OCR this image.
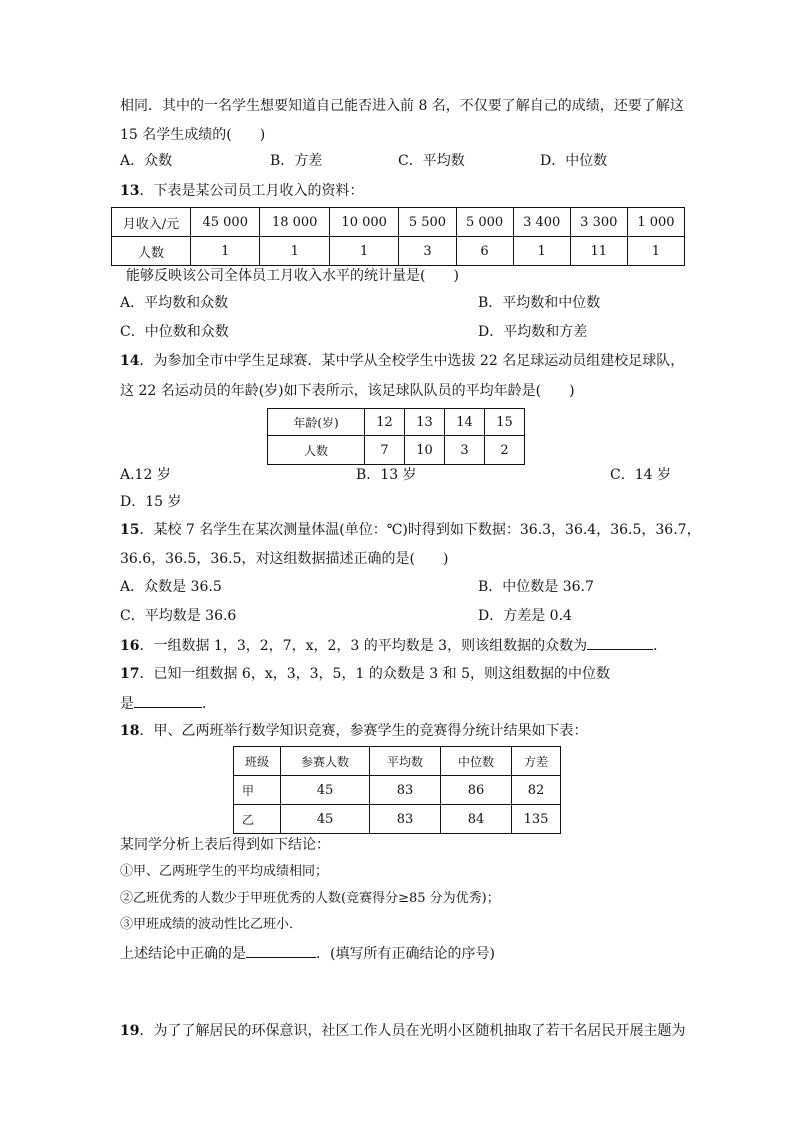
相同．其中的一名学生想要知道自己能否进入前 8 名，不仅要了解自己的成绩，还要了解这
15 名学生成绩的(　　)
A．众数	B．方差	C．平均数	D．中位数
13．下表是某公司员工月收入的资料：
月收入/元	45 000	18 000	10 000	5 500	5 000	3 400	3 300	1 000
人数	1	1	1	3	6	1	11	1
能够反映该公司全体员工月收入水平的统计量是(　　)
A．平均数和众数	B．平均数和中位数
C．中位数和众数	D．平均数和方差
14．为参加全市中学生足球赛．某中学从全校学生中选拔 22 名足球运动员组建校足球队，
这 22 名运动员的年龄(岁)如下表所示，该足球队队员的平均年龄是(　　)
年龄(岁)	12	13	14	15
人数	7	10	3	2
A.12 岁	B．13 岁	C．14 岁
D．15 岁
15．某校 7 名学生在某次测量体温(单位：℃)时得到如下数据：36.3，36.4，36.5，36.7，
36.6，36.5，36.5，对这组数据描述正确的是(　　)
A．众数是 36.5	B．中位数是 36.7
C．平均数是 36.6	D．方差是 0.4
16．一组数据 1，3，2，7，x，2，3 的平均数是 3，则该组数据的众数为	．
17．已知一组数据 6，x，3，3，5，1 的众数是 3 和 5，则这组数据的中位数
是	．
18．甲、乙两班举行数学知识竞赛，参赛学生的竞赛得分统计结果如下表：
班级	参赛人数	平均数	中位数	方差
甲	45	83	86	82
乙	45	83	84	135
某同学分析上表后得到如下结论：
①甲、乙两班学生的平均成绩相同；
②乙班优秀的人数少于甲班优秀的人数(竞赛得分≥85 分为优秀)；
③甲班成绩的波动性比乙班小．
上述结论中正确的是	．(填写所有正确结论的序号)
19．为了了解居民的环保意识，社区工作人员在光明小区随机抽取了若干名居民开展主题为
